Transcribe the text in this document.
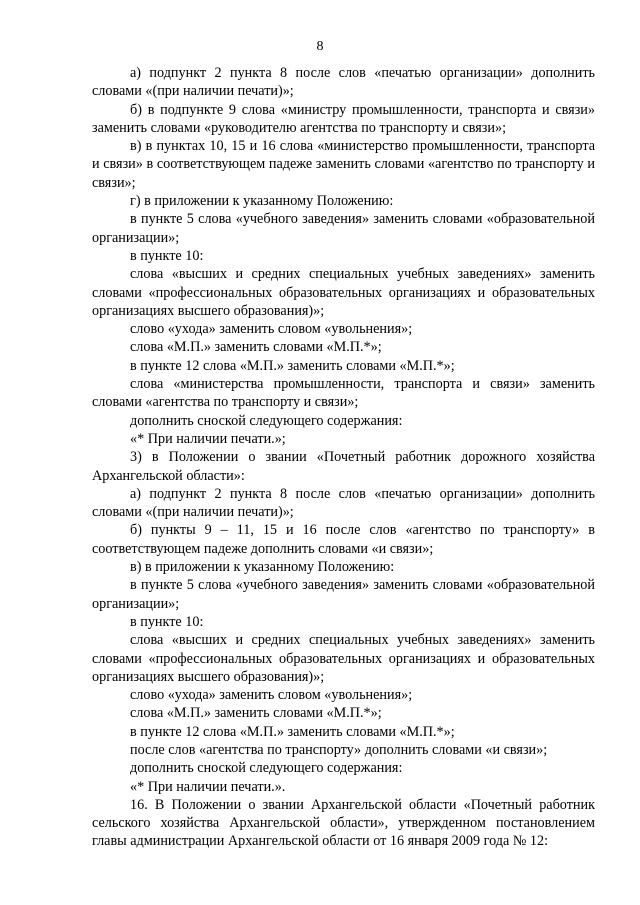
8

а) подпункт 2 пункта 8 после слов «печатью организации» дополнить словами «(при наличии печати)»;

б) в подпункте 9 слова «министру промышленности, транспорта и связи» заменить словами «руководителю агентства по транспорту и связи»;

в) в пунктах 10, 15 и 16 слова «министерство промышленности, транспорта и связи» в соответствующем падеже заменить словами «агентство по транспорту и связи»;

г) в приложении к указанному Положению:

в пункте 5 слова «учебного заведения» заменить словами «образовательной организации»;

в пункте 10:

слова «высших и средних специальных учебных заведениях» заменить словами «профессиональных образовательных организациях и образовательных организациях высшего образования)»;

слово «ухода» заменить словом «увольнения»;

слова «М.П.» заменить словами «М.П.*»;

в пункте 12 слова «М.П.» заменить словами «М.П.*»;

слова «министерства промышленности, транспорта и связи» заменить словами «агентства по транспорту и связи»;

дополнить сноской следующего содержания:

«* При наличии печати.»;

3) в Положении о звании «Почетный работник дорожного хозяйства Архангельской области»:

а) подпункт 2 пункта 8 после слов «печатью организации» дополнить словами «(при наличии печати)»;

б) пункты 9 – 11, 15 и 16 после слов «агентство по транспорту» в соответствующем падеже дополнить словами «и связи»;

в) в приложении к указанному Положению:

в пункте 5 слова «учебного заведения» заменить словами «образовательной организации»;

в пункте 10:

слова «высших и средних специальных учебных заведениях» заменить словами «профессиональных образовательных организациях и образовательных организациях высшего образования)»;

слово «ухода» заменить словом «увольнения»;

слова «М.П.» заменить словами «М.П.*»;

в пункте 12 слова «М.П.» заменить словами «М.П.*»;

после слов «агентства по транспорту» дополнить словами «и связи»;

дополнить сноской следующего содержания:

«* При наличии печати.».

16. В Положении о звании Архангельской области «Почетный работник сельского хозяйства Архангельской области», утвержденном постановлением главы администрации Архангельской области от 16 января 2009 года № 12:
